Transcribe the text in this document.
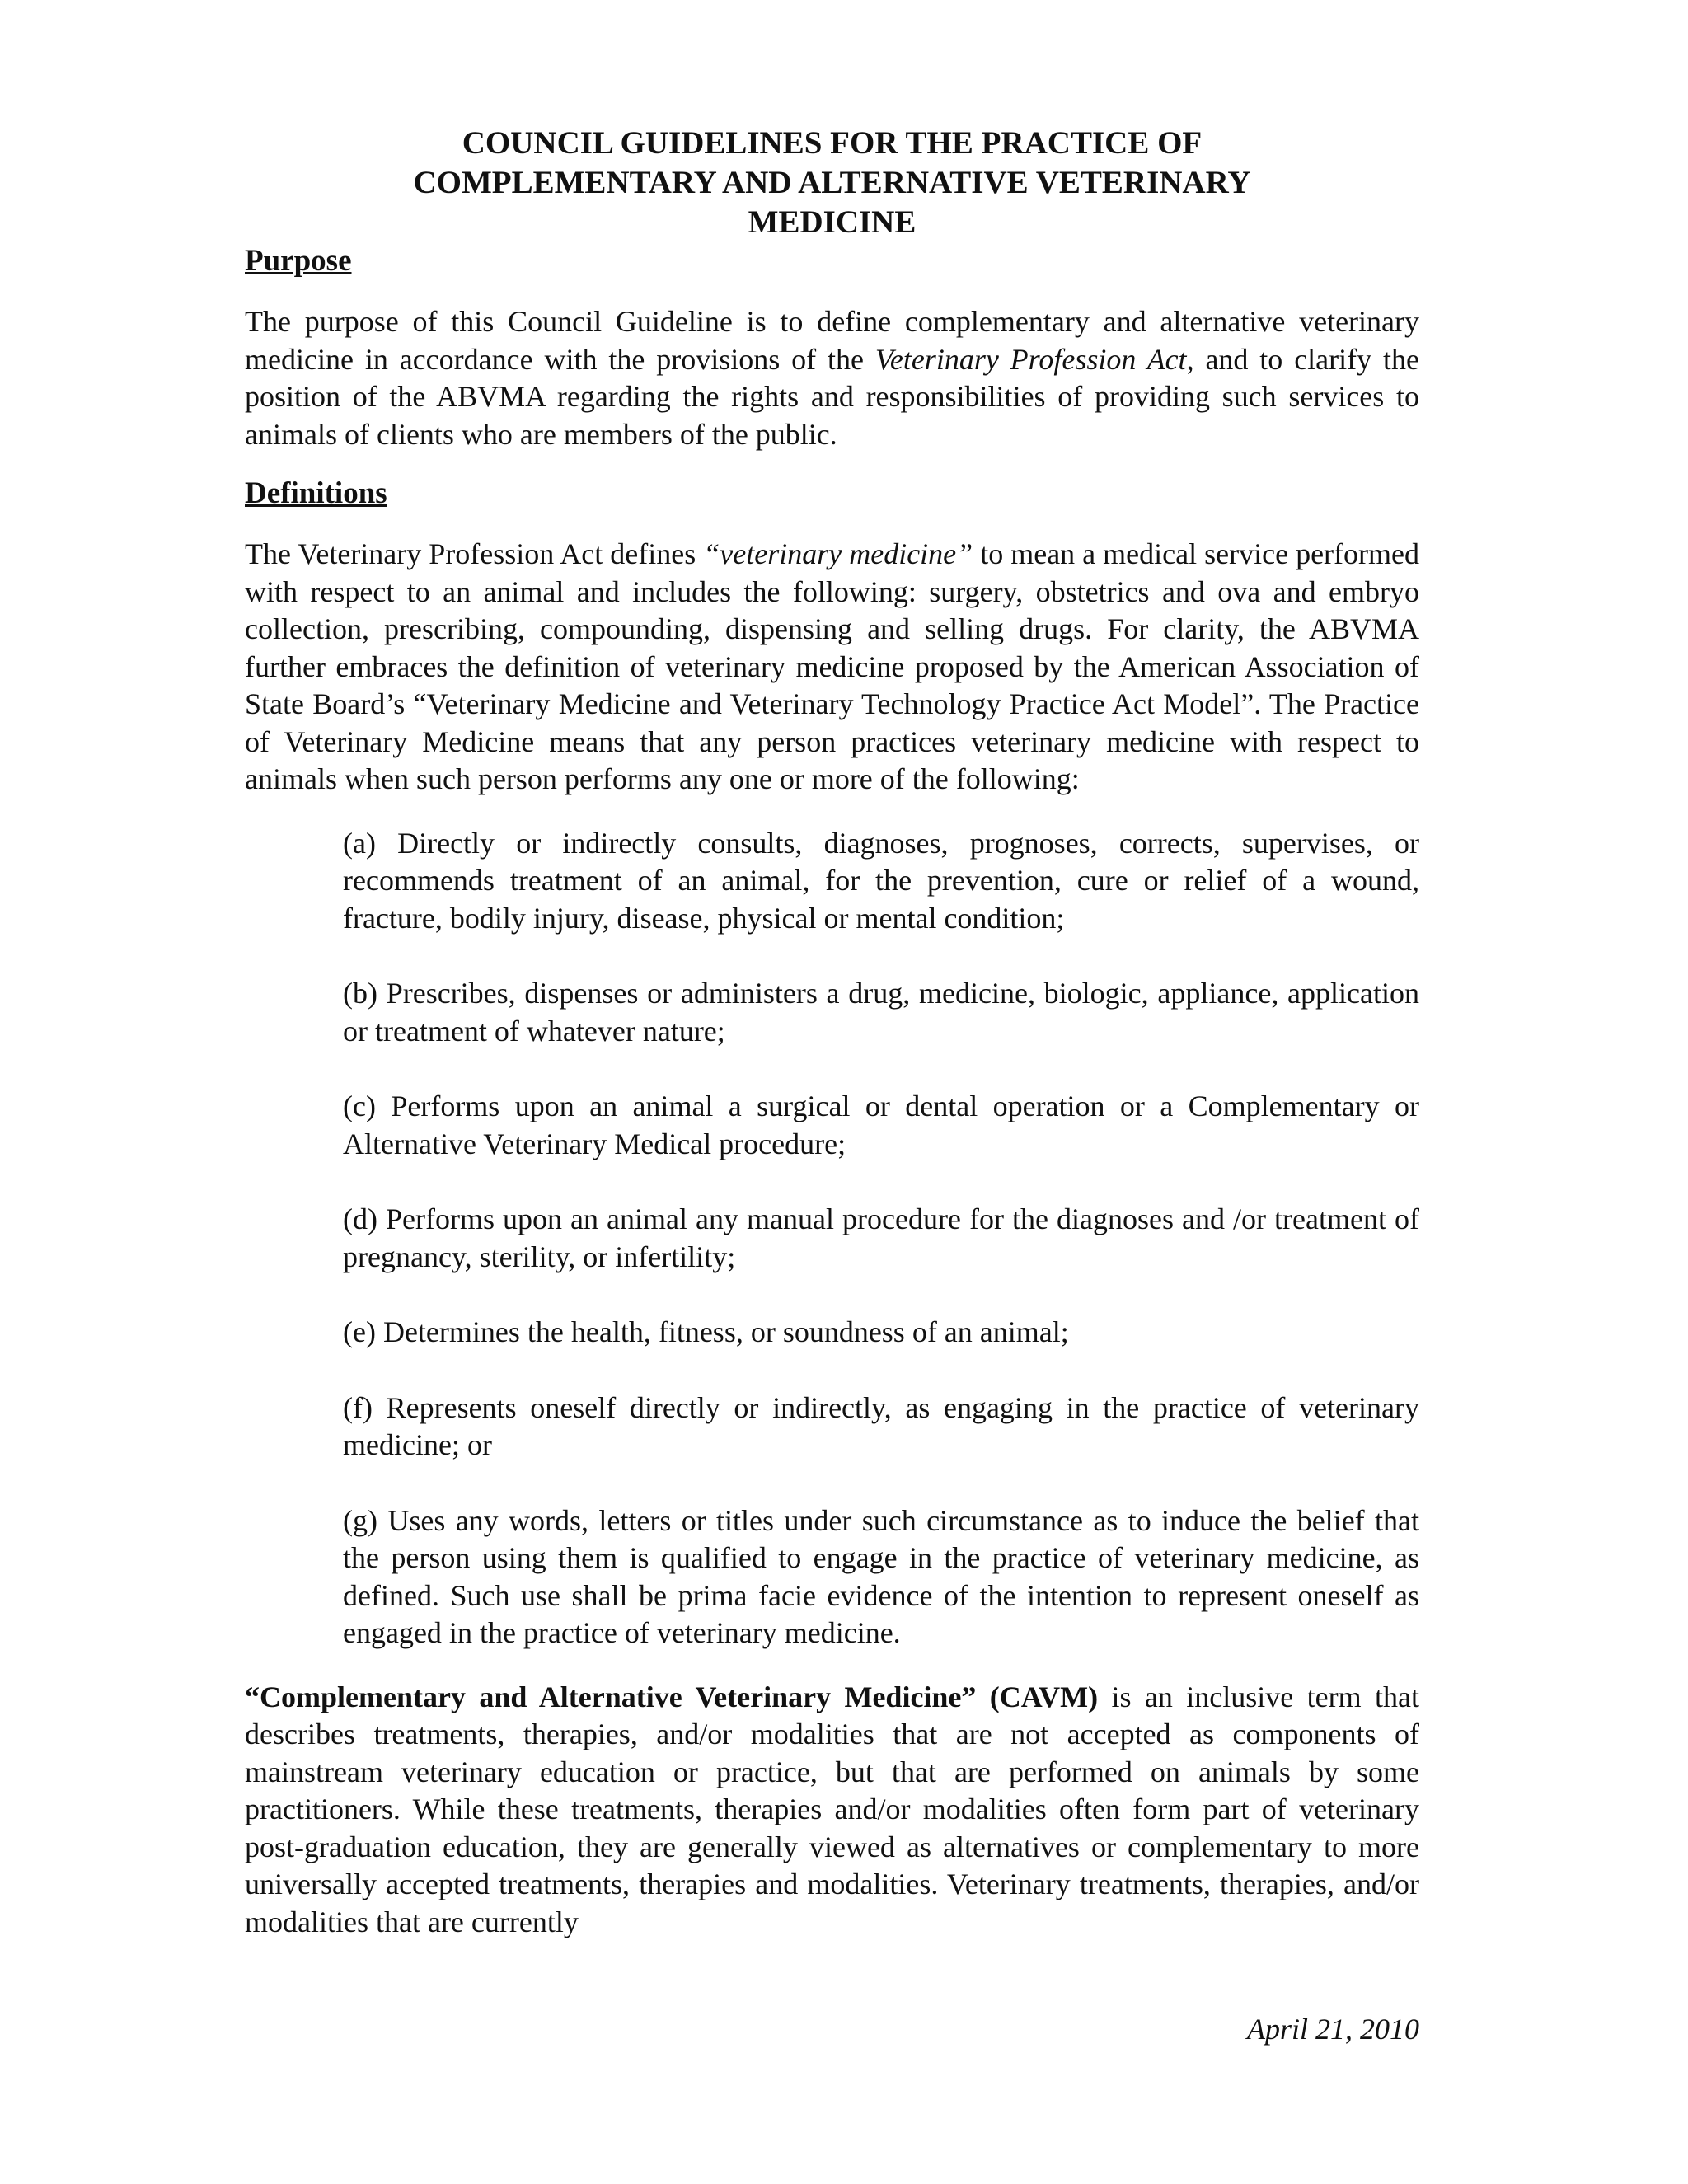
COUNCIL GUIDELINES FOR THE PRACTICE OF
COMPLEMENTARY AND ALTERNATIVE VETERINARY
MEDICINE
Purpose

The purpose of this Council Guideline is to define complementary and alternative veterinary medicine in accordance with the provisions of the Veterinary Profession Act, and to clarify the position of the ABVMA regarding the rights and responsibilities of providing such services to animals of clients who are members of the public.

Definitions

The Veterinary Profession Act defines “veterinary medicine” to mean a medical service performed with respect to an animal and includes the following: surgery, obstetrics and ova and embryo collection, prescribing, compounding, dispensing and selling drugs. For clarity, the ABVMA further embraces the definition of veterinary medicine proposed by the American Association of State Board’s “Veterinary Medicine and Veterinary Technology Practice Act Model”. The Practice of Veterinary Medicine means that any person practices veterinary medicine with respect to animals when such person performs any one or more of the following:

(a) Directly or indirectly consults, diagnoses, prognoses, corrects, supervises, or recommends treatment of an animal, for the prevention, cure or relief of a wound, fracture, bodily injury, disease, physical or mental condition;

(b) Prescribes, dispenses or administers a drug, medicine, biologic, appliance, application or treatment of whatever nature;

(c) Performs upon an animal a surgical or dental operation or a Complementary or Alternative Veterinary Medical procedure;

(d) Performs upon an animal any manual procedure for the diagnoses and /or treatment of pregnancy, sterility, or infertility;

(e) Determines the health, fitness, or soundness of an animal;

(f) Represents oneself directly or indirectly, as engaging in the practice of veterinary medicine; or

(g) Uses any words, letters or titles under such circumstance as to induce the belief that the person using them is qualified to engage in the practice of veterinary medicine, as defined. Such use shall be prima facie evidence of the intention to represent oneself as engaged in the practice of veterinary medicine.

“Complementary and Alternative Veterinary Medicine” (CAVM) is an inclusive term that describes treatments, therapies, and/or modalities that are not accepted as components of mainstream veterinary education or practice, but that are performed on animals by some practitioners. While these treatments, therapies and/or modalities often form part of veterinary post-graduation education, they are generally viewed as alternatives or complementary to more universally accepted treatments, therapies and modalities. Veterinary treatments, therapies, and/or modalities that are currently

April 21, 2010
